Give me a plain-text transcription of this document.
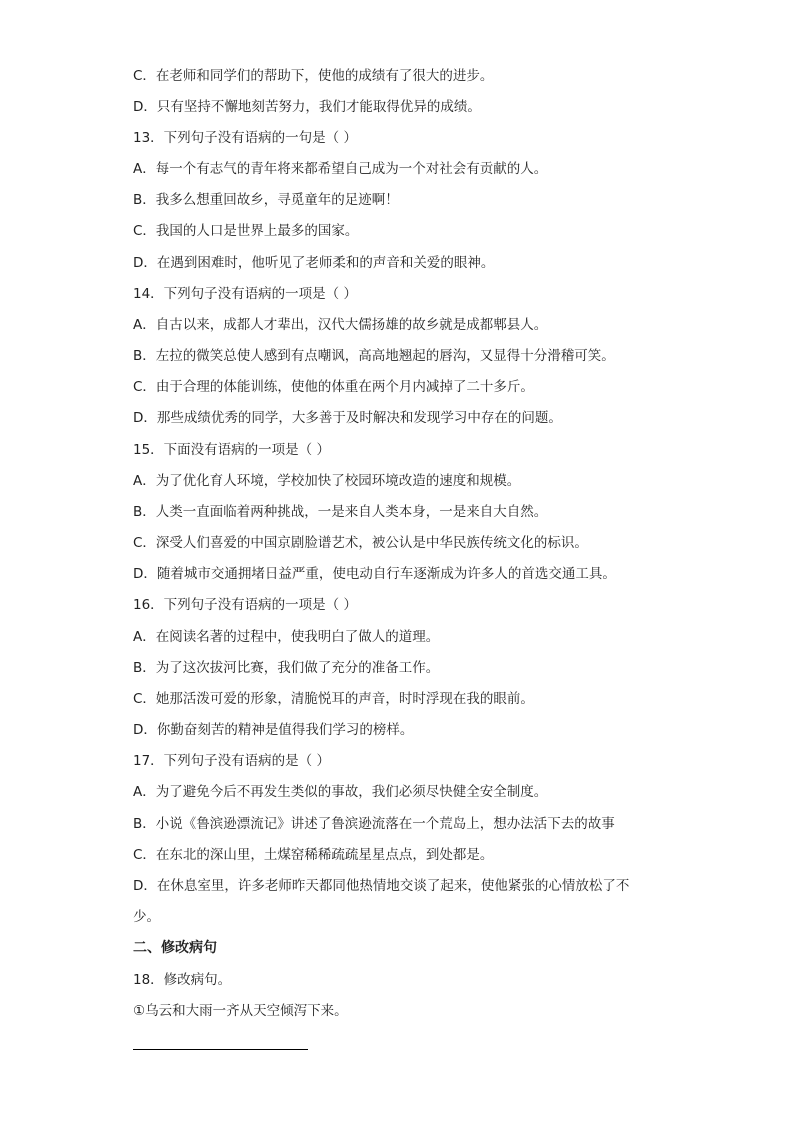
C．在老师和同学们的帮助下，使他的成绩有了很大的进步。
D．只有坚持不懈地刻苦努力，我们才能取得优异的成绩。
13．下列句子没有语病的一句是（ ）
A．每一个有志气的青年将来都希望自己成为一个对社会有贡献的人。
B．我多么想重回故乡，寻觅童年的足迹啊！
C．我国的人口是世界上最多的国家。
D．在遇到困难时，他听见了老师柔和的声音和关爱的眼神。
14．下列句子没有语病的一项是（ ）
A．自古以来，成都人才辈出，汉代大儒扬雄的故乡就是成都郫县人。
B．左拉的微笑总使人感到有点嘲讽，高高地翘起的唇沟，又显得十分滑稽可笑。
C．由于合理的体能训练，使他的体重在两个月内减掉了二十多斤。
D．那些成绩优秀的同学，大多善于及时解决和发现学习中存在的问题。
15．下面没有语病的一项是（ ）
A．为了优化育人环境，学校加快了校园环境改造的速度和规模。
B．人类一直面临着两种挑战，一是来自人类本身，一是来自大自然。
C．深受人们喜爱的中国京剧脸谱艺术，被公认是中华民族传统文化的标识。
D．随着城市交通拥堵日益严重，使电动自行车逐渐成为许多人的首选交通工具。
16．下列句子没有语病的一项是（ ）
A．在阅读名著的过程中，使我明白了做人的道理。
B．为了这次拔河比赛，我们做了充分的准备工作。
C．她那活泼可爱的形象，清脆悦耳的声音，时时浮现在我的眼前。
D．你勤奋刻苦的精神是值得我们学习的榜样。
17．下列句子没有语病的是（ ）
A．为了避免今后不再发生类似的事故，我们必须尽快健全安全制度。
B．小说《鲁滨逊漂流记》讲述了鲁滨逊流落在一个荒岛上，想办法活下去的故事
C．在东北的深山里，土煤窑稀稀疏疏星星点点，到处都是。
D．在休息室里，许多老师昨天都同他热情地交谈了起来，使他紧张的心情放松了不少。
二、修改病句
18．修改病句。
①乌云和大雨一齐从天空倾泻下来。
